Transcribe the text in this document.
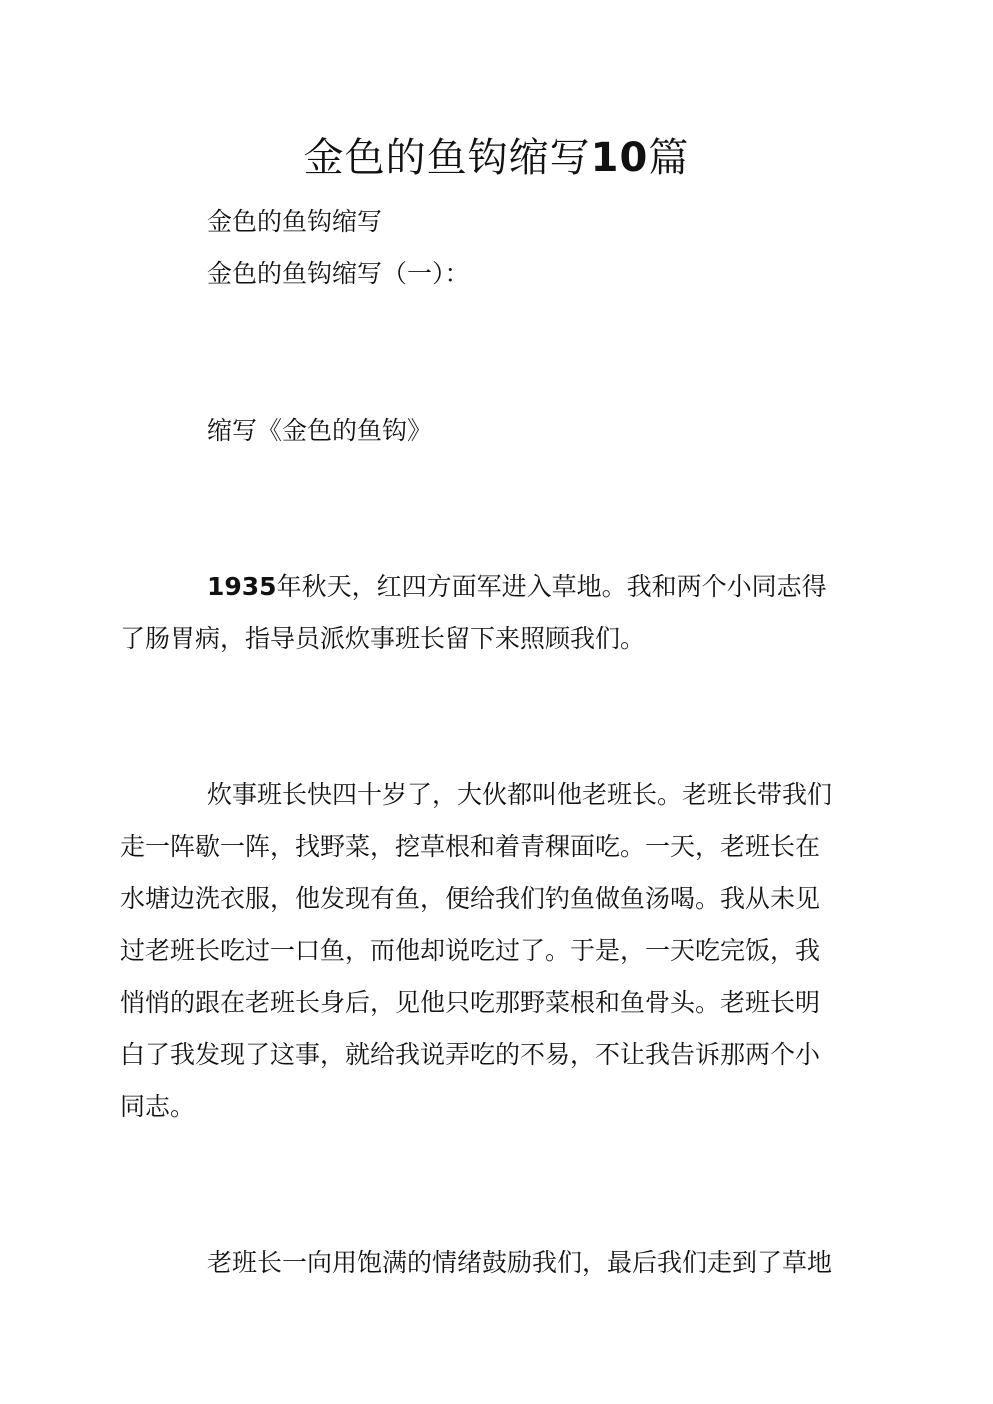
金色的鱼钩缩写10篇

金色的鱼钩缩写

金色的鱼钩缩写（一）：

缩写《金色的鱼钩》

1935年秋天，红四方面军进入草地。我和两个小同志得
了肠胃病，指导员派炊事班长留下来照顾我们。
炊事班长快四十岁了，大伙都叫他老班长。老班长带我们
走一阵歇一阵，找野菜，挖草根和着青稞面吃。一天，老班长在
水塘边洗衣服，他发现有鱼，便给我们钓鱼做鱼汤喝。我从未见
过老班长吃过一口鱼，而他却说吃过了。于是，一天吃完饭，我
悄悄的跟在老班长身后，见他只吃那野菜根和鱼骨头。老班长明
白了我发现了这事，就给我说弄吃的不易，不让我告诉那两个小
同志。
老班长一向用饱满的情绪鼓励我们，最后我们走到了草地
